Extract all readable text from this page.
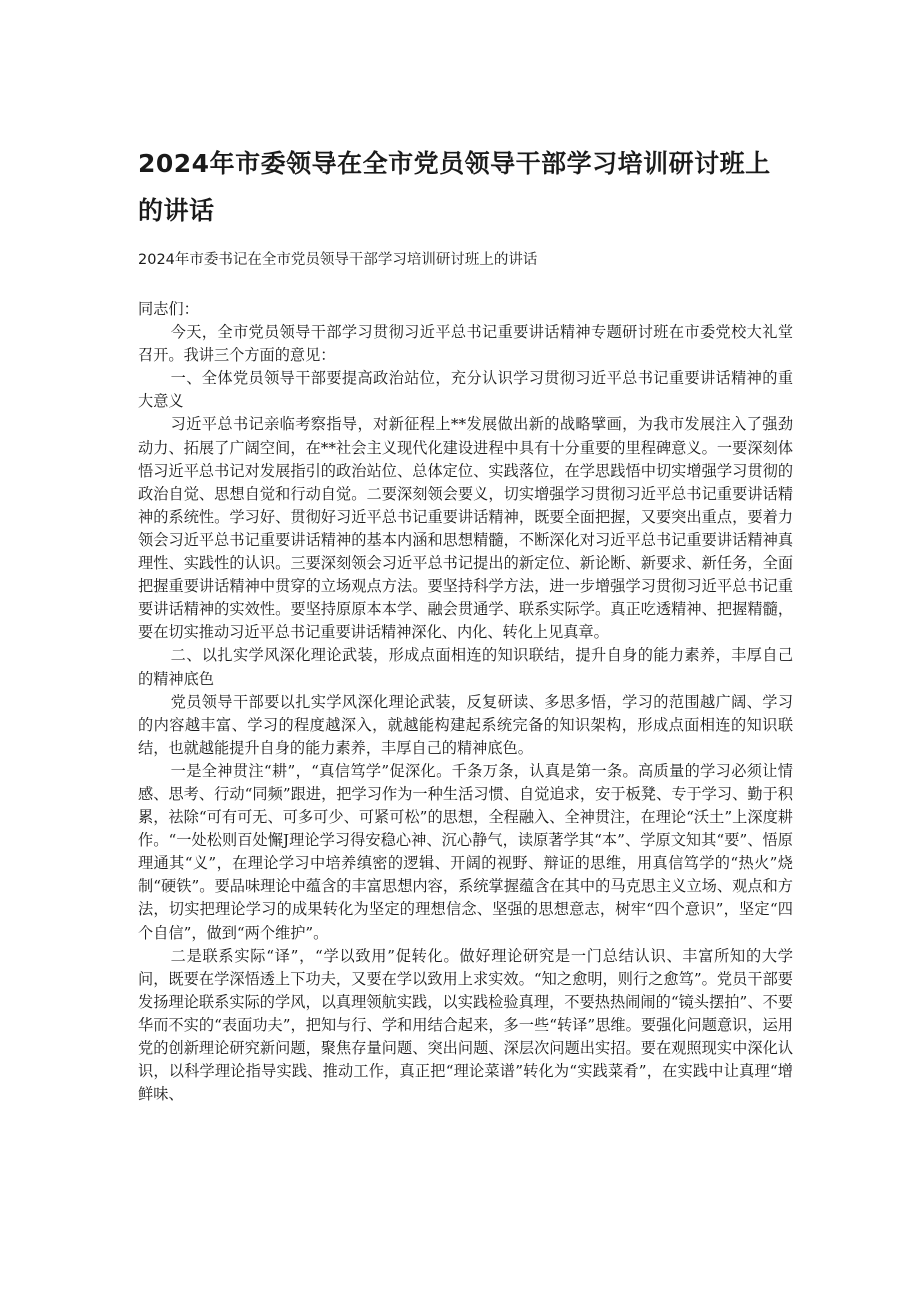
2024年市委领导在全市党员领导干部学习培训研讨班上的讲话

2024年市委书记在全市党员领导干部学习培训研讨班上的讲话

同志们：

今天，全市党员领导干部学习贯彻习近平总书记重要讲话精神专题研讨班在市委党校大礼堂召开。我讲三个方面的意见：

一、全体党员领导干部要提高政治站位，充分认识学习贯彻习近平总书记重要讲话精神的重大意义

习近平总书记亲临考察指导，对新征程上**发展做出新的战略擘画，为我市发展注入了强劲动力、拓展了广阔空间，在**社会主义现代化建设进程中具有十分重要的里程碑意义。一要深刻体悟习近平总书记对发展指引的政治站位、总体定位、实践落位，在学思践悟中切实增强学习贯彻的政治自觉、思想自觉和行动自觉。二要深刻领会要义，切实增强学习贯彻习近平总书记重要讲话精神的系统性。学习好、贯彻好习近平总书记重要讲话精神，既要全面把握，又要突出重点，要着力领会习近平总书记重要讲话精神的基本内涵和思想精髓，不断深化对习近平总书记重要讲话精神真理性、实践性的认识。三要深刻领会习近平总书记提出的新定位、新论断、新要求、新任务，全面把握重要讲话精神中贯穿的立场观点方法。要坚持科学方法，进一步增强学习贯彻习近平总书记重要讲话精神的实效性。要坚持原原本本学、融会贯通学、联系实际学。真正吃透精神、把握精髓，要在切实推动习近平总书记重要讲话精神深化、内化、转化上见真章。

二、以扎实学风深化理论武装，形成点面相连的知识联结，提升自身的能力素养，丰厚自己的精神底色

党员领导干部要以扎实学风深化理论武装，反复研读、多思多悟，学习的范围越广阔、学习的内容越丰富、学习的程度越深入，就越能构建起系统完备的知识架构，形成点面相连的知识联结，也就越能提升自身的能力素养，丰厚自己的精神底色。

一是全神贯注“耕”，“真信笃学”促深化。千条万条，认真是第一条。高质量的学习必须让情感、思考、行动“同频”跟进，把学习作为一种生活习惯、自觉追求，安于板凳、专于学习、勤于积累，祛除“可有可无、可多可少、可紧可松”的思想，全程融入、全神贯注，在理论“沃土”上深度耕作。“一处松则百处懈J理论学习得安稳心神、沉心静气，读原著学其“本”、学原文知其“要”、悟原理通其“义”，在理论学习中培养缜密的逻辑、开阔的视野、辩证的思维，用真信笃学的“热火”烧制“硬铁”。要品味理论中蕴含的丰富思想内容，系统掌握蕴含在其中的马克思主义立场、观点和方法，切实把理论学习的成果转化为坚定的理想信念、坚强的思想意志，树牢“四个意识”，坚定“四个自信”，做到“两个维护”。

二是联系实际“译”，“学以致用”促转化。做好理论研究是一门总结认识、丰富所知的大学问，既要在学深悟透上下功夫，又要在学以致用上求实效。“知之愈明，则行之愈笃”。党员干部要发扬理论联系实际的学风，以真理领航实践，以实践检验真理，不要热热闹闹的“镜头摆拍”、不要华而不实的“表面功夫”，把知与行、学和用结合起来，多一些“转译”思维。要强化问题意识，运用党的创新理论研究新问题，聚焦存量问题、突出问题、深层次问题出实招。要在观照现实中深化认识，以科学理论指导实践、推动工作，真正把“理论菜谱”转化为“实践菜肴”，在实践中让真理“增鲜味、
